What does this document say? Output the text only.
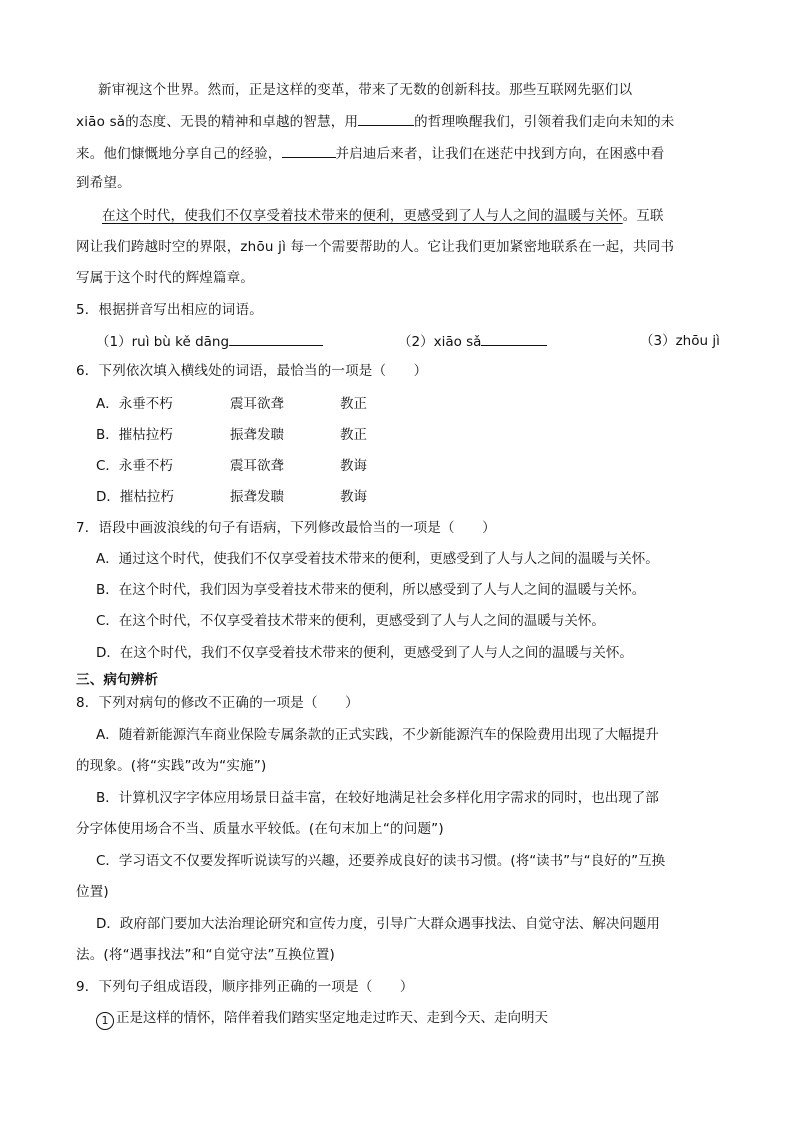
新审视这个世界。然而，正是这样的变革，带来了无数的创新科技。那些互联网先驱们以
xiāo sǎ的态度、无畏的精神和卓越的智慧，用	的哲理唤醒我们，引领着我们走向未知的未
来。他们慷慨地分享自己的经验，	并启迪后来者，让我们在迷茫中找到方向，在困惑中看
到希望。
在这个时代，使我们不仅享受着技术带来的便利，更感受到了人与人之间的温暖与关怀。互联
网让我们跨越时空的界限，zhōu jì 每一个需要帮助的人。它让我们更加紧密地联系在一起，共同书
写属于这个时代的辉煌篇章。
5．根据拼音写出相应的词语。
（1）ruì bù kě dāng	（2）xiāo sǎ	（3）zhōu jì
6．下列依次填入横线处的词语，最恰当的一项是（　　）
A．永垂不朽	震耳欲聋	教正
B．摧枯拉朽	振聋发聩	教正
C．永垂不朽	震耳欲聋	教诲
D．摧枯拉朽	振聋发聩	教诲
7．语段中画波浪线的句子有语病，下列修改最恰当的一项是（　　）
A．通过这个时代，使我们不仅享受着技术带来的便利，更感受到了人与人之间的温暖与关怀。
B．在这个时代，我们因为享受着技术带来的便利，所以感受到了人与人之间的温暖与关怀。
C．在这个时代，不仅享受着技术带来的便利，更感受到了人与人之间的温暖与关怀。
D．在这个时代，我们不仅享受着技术带来的便利，更感受到了人与人之间的温暖与关怀。
三、病句辨析
8．下列对病句的修改不正确的一项是（　　）
A．随着新能源汽车商业保险专属条款的正式实践，不少新能源汽车的保险费用出现了大幅提升
的现象。(将“实践”改为“实施”)
B．计算机汉字字体应用场景日益丰富，在较好地满足社会多样化用字需求的同时，也出现了部
分字体使用场合不当、质量水平较低。(在句末加上“的问题”)
C．学习语文不仅要发挥听说读写的兴趣，还要养成良好的读书习惯。(将“读书”与“良好的”互换
位置)
D．政府部门要加大法治理论研究和宣传力度，引导广大群众遇事找法、自觉守法、解决问题用
法。(将“遇事找法”和“自觉守法”互换位置)
9．下列句子组成语段，顺序排列正确的一项是（　　）
1 正是这样的情怀，陪伴着我们踏实坚定地走过昨天、走到今天、走向明天
